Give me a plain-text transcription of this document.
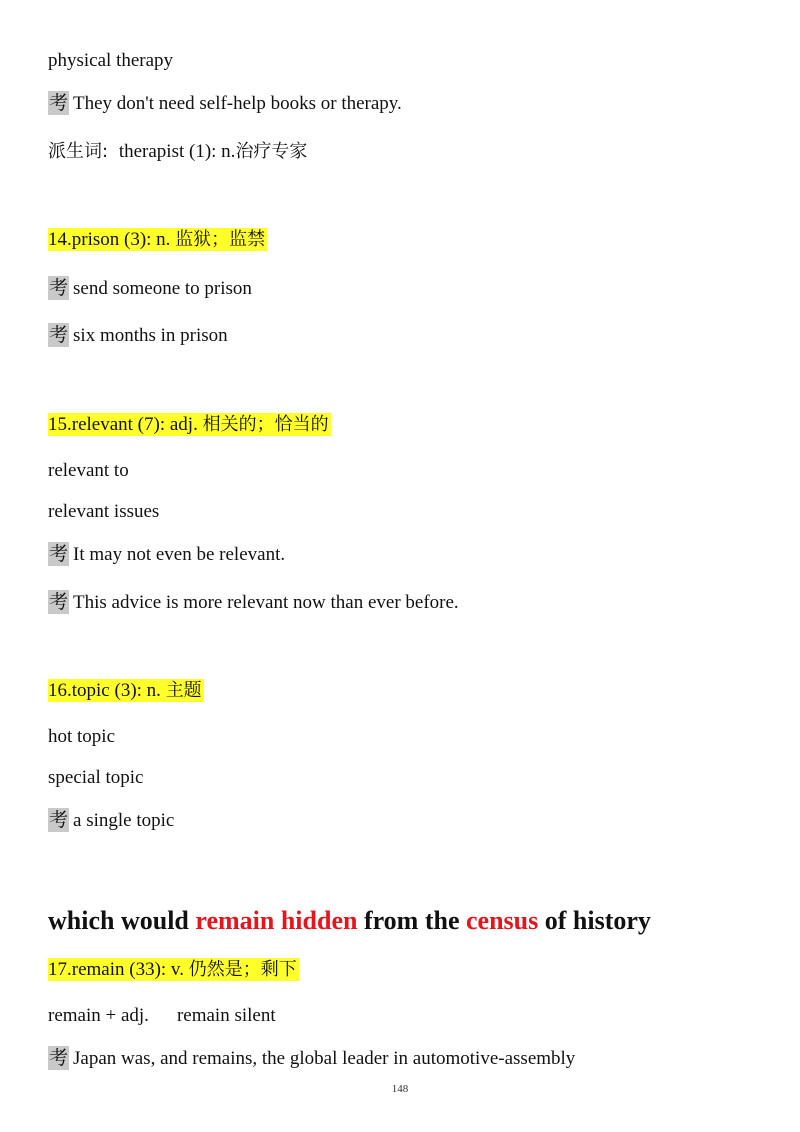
physical therapy
考 They don't need self-help books or therapy.
派生词: therapist (1): n.治疗专家
14.prison (3): n. 监狱；监禁
考 send someone to prison
考 six months in prison
15.relevant (7): adj. 相关的；恰当的
relevant to
relevant issues
考 It may not even be relevant.
考 This advice is more relevant now than ever before.
16.topic (3): n. 主题
hot topic
special topic
考 a single topic
which would remain hidden from the census of history
17.remain (33): v. 仍然是；剩下
remain + adj. remain silent
考 Japan was, and remains, the global leader in automotive-assembly
148
